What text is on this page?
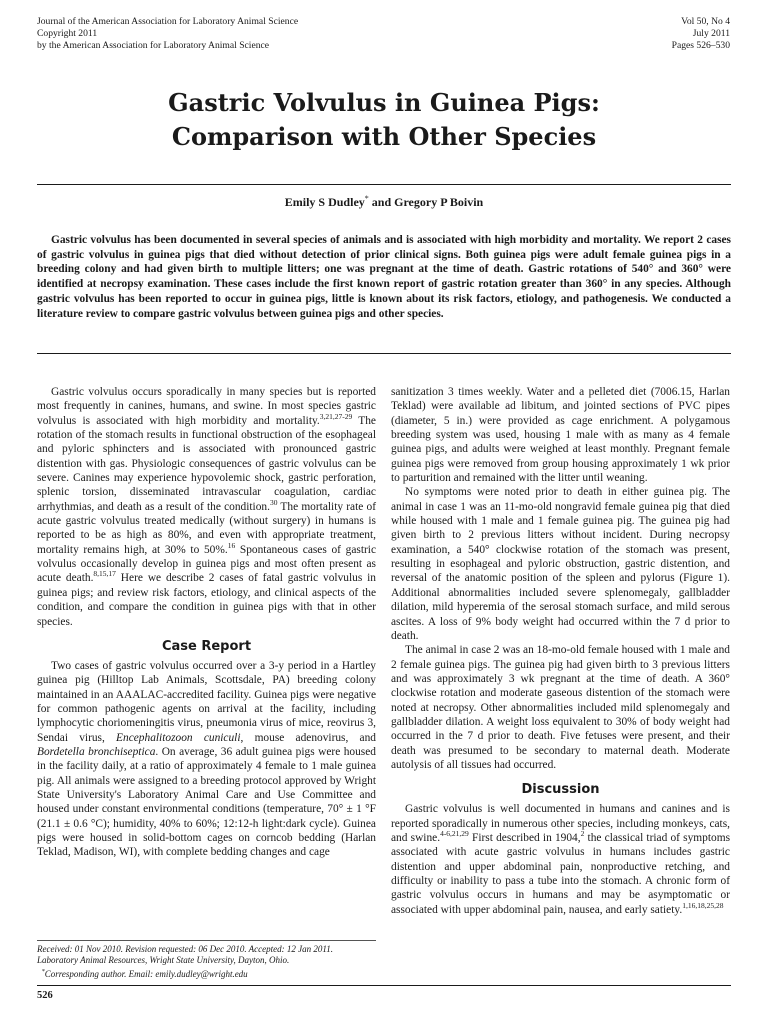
Journal of the American Association for Laboratory Animal Science
Copyright 2011
by the American Association for Laboratory Animal Science
Vol 50, No 4
July 2011
Pages 526–530
Gastric Volvulus in Guinea Pigs:
Comparison with Other Species
Emily S Dudley* and Gregory P Boivin
Gastric volvulus has been documented in several species of animals and is associated with high morbidity and mortality. We report 2 cases of gastric volvulus in guinea pigs that died without detection of prior clinical signs. Both guinea pigs were adult female guinea pigs in a breeding colony and had given birth to multiple litters; one was pregnant at the time of death. Gastric rotations of 540° and 360° were identified at necropsy examination. These cases include the first known report of gastric rotation greater than 360° in any species. Although gastric volvulus has been reported to occur in guinea pigs, little is known about its risk factors, etiology, and pathogenesis. We conducted a literature review to compare gastric volvulus between guinea pigs and other species.

Gastric volvulus occurs sporadically in many species but is reported most frequently in canines, humans, and swine. In most species gastric volvulus is associated with high morbidity and mortality.$^{3,21,27-29}$ The rotation of the stomach results in functional obstruction of the esophageal and pyloric sphincters and is associated with pronounced gastric distention with gas. Physiologic consequences of gastric volvulus can be severe. Canines may experience hypovolemic shock, gastric perforation, splenic torsion, disseminated intravascular coagulation, cardiac arrhythmias, and death as a result of the condition.$^{30}$ The mortality rate of acute gastric volvulus treated medically (without surgery) in humans is reported to be as high as 80%, and even with appropriate treatment, mortality remains high, at 30% to 50%.$^{16}$ Spontaneous cases of gastric volvulus occasionally develop in guinea pigs and most often present as acute death.$^{8,15,17}$ Here we describe 2 cases of fatal gastric volvulus in guinea pigs; and review risk factors, etiology, and clinical aspects of the condition, and compare the condition in guinea pigs with that in other species.

Case Report

Two cases of gastric volvulus occurred over a 3-y period in a Hartley guinea pig (Hilltop Lab Animals, Scottsdale, PA) breeding colony maintained in an AAALAC-accredited facility. Guinea pigs were negative for common pathogenic agents on arrival at the facility, including lymphocytic choriomeningitis virus, pneumonia virus of mice, reovirus 3, Sendai virus, Encephalitozoon cuniculi, mouse adenovirus, and Bordetella bronchiseptica. On average, 36 adult guinea pigs were housed in the facility daily, at a ratio of approximately 4 female to 1 male guinea pig. All animals were assigned to a breeding protocol approved by Wright State University's Laboratory Animal Care and Use Committee and housed under constant environmental conditions (temperature, 70° ± 1 °F (21.1 ± 0.6 °C); humidity, 40% to 60%; 12:12-h light:dark cycle). Guinea pigs were housed in solid-bottom cages on corncob bedding (Harlan Teklad, Madison, WI), with complete bedding changes and cage

sanitization 3 times weekly. Water and a pelleted diet (7006.15, Harlan Teklad) were available ad libitum, and jointed sections of PVC pipes (diameter, 5 in.) were provided as cage enrichment. A polygamous breeding system was used, housing 1 male with as many as 4 female guinea pigs, and adults were weighed at least monthly. Pregnant female guinea pigs were removed from group housing approximately 1 wk prior to parturition and remained with the litter until weaning.

No symptoms were noted prior to death in either guinea pig. The animal in case 1 was an 11-mo-old nongravid female guinea pig that died while housed with 1 male and 1 female guinea pig. The guinea pig had given birth to 2 previous litters without incident. During necropsy examination, a 540° clockwise rotation of the stomach was present, resulting in esophageal and pyloric obstruction, gastric distention, and reversal of the anatomic position of the spleen and pylorus (Figure 1). Additional abnormalities included severe splenomegaly, gallbladder dilation, mild hyperemia of the serosal stomach surface, and mild serous ascites. A loss of 9% body weight had occurred within the 7 d prior to death.

The animal in case 2 was an 18-mo-old female housed with 1 male and 2 female guinea pigs. The guinea pig had given birth to 3 previous litters and was approximately 3 wk pregnant at the time of death. A 360° clockwise rotation and moderate gaseous distention of the stomach were noted at necropsy. Other abnormalities included mild splenomegaly and gallbladder dilation. A weight loss equivalent to 30% of body weight had occurred in the 7 d prior to death. Five fetuses were present, and their death was presumed to be secondary to maternal death. Moderate autolysis of all tissues had occurred.

Discussion

Gastric volvulus is well documented in humans and canines and is reported sporadically in numerous other species, including monkeys, cats, and swine.$^{4-6,21,29}$ First described in 1904,$^2$ the classical triad of symptoms associated with acute gastric volvulus in humans includes gastric distention and upper abdominal pain, nonproductive retching, and difficulty or inability to pass a tube into the stomach. A chronic form of gastric volvulus occurs in humans and may be asymptomatic or associated with upper abdominal pain, nausea, and early satiety.$^{1,16,18,25,28}$

Received: 01 Nov 2010. Revision requested: 06 Dec 2010. Accepted: 12 Jan 2011.
Laboratory Animal Resources, Wright State University, Dayton, Ohio.
*Corresponding author. Email: emily.dudley@wright.edu
526
